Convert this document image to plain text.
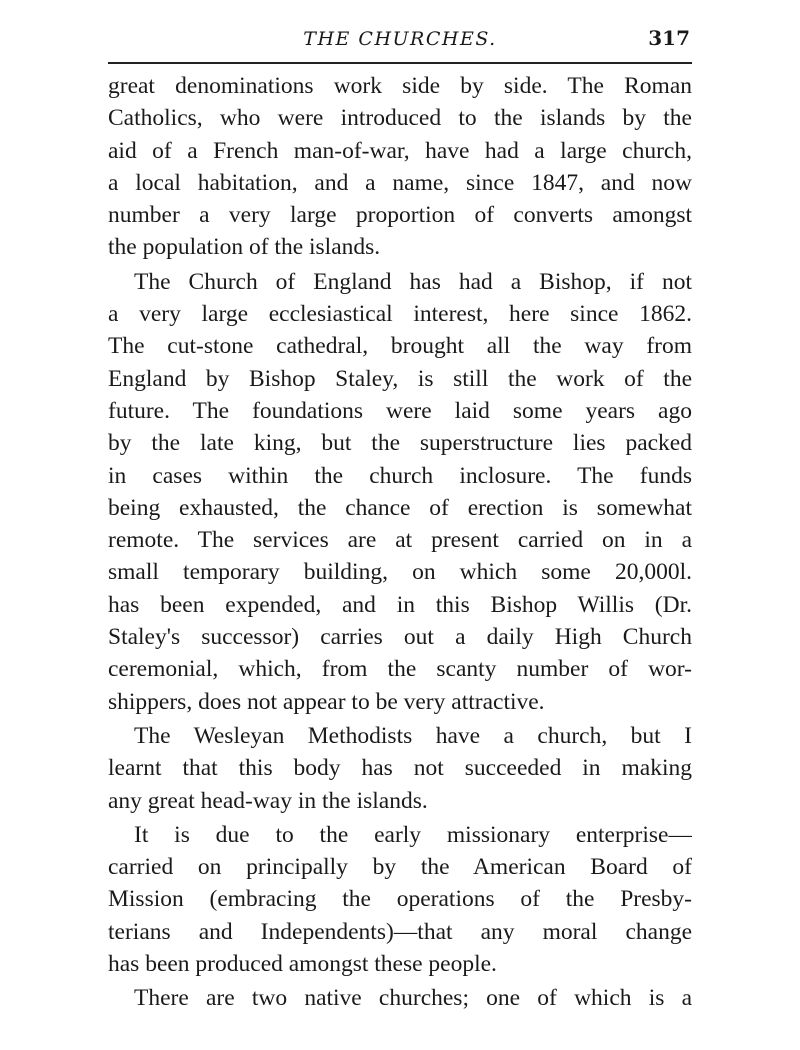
THE CHURCHES.	317
great denominations work side by side. The Roman
Catholics, who were introduced to the islands by the
aid of a French man-of-war, have had a large church,
a local habitation, and a name, since 1847, and now
number a very large proportion of converts amongst
the population of the islands.
The Church of England has had a Bishop, if not
a very large ecclesiastical interest, here since 1862.
The cut-stone cathedral, brought all the way from
England by Bishop Staley, is still the work of the
future. The foundations were laid some years ago
by the late king, but the superstructure lies packed
in cases within the church inclosure. The funds
being exhausted, the chance of erection is somewhat
remote. The services are at present carried on in a
small temporary building, on which some 20,000l.
has been expended, and in this Bishop Willis (Dr.
Staley's successor) carries out a daily High Church
ceremonial, which, from the scanty number of wor-
shippers, does not appear to be very attractive.
The Wesleyan Methodists have a church, but I
learnt that this body has not succeeded in making
any great head-way in the islands.
It is due to the early missionary enterprise—
carried on principally by the American Board of
Mission (embracing the operations of the Presby-
terians and Independents)—that any moral change
has been produced amongst these people.
There are two native churches; one of which is a
